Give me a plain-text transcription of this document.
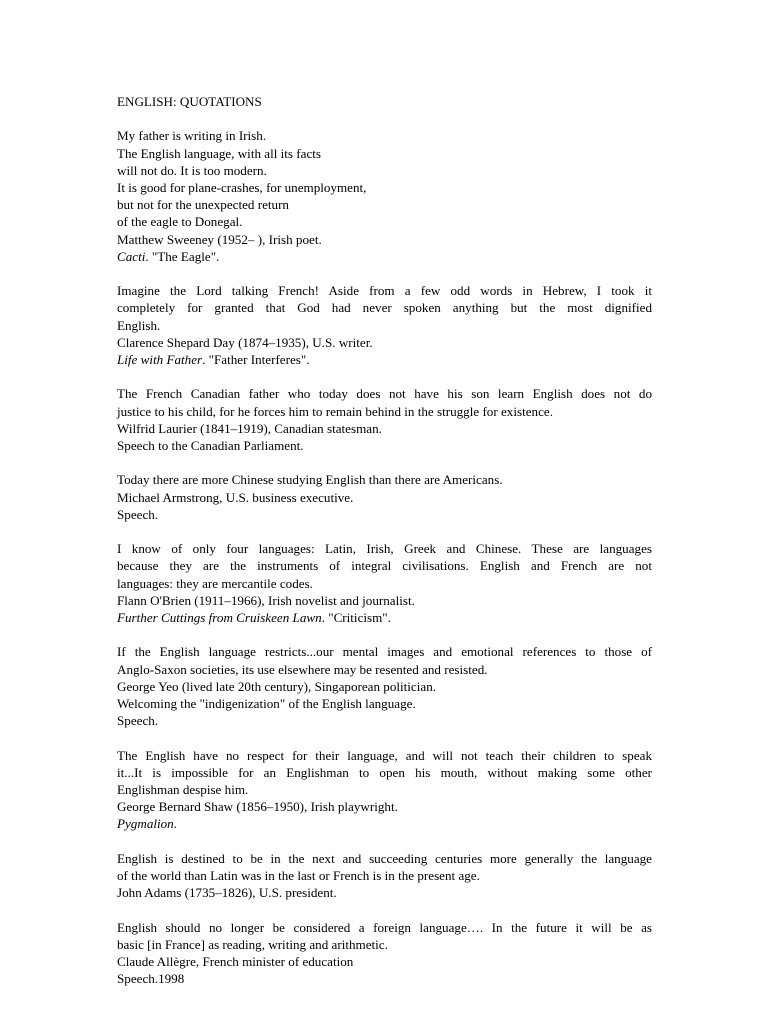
ENGLISH: QUOTATIONS

My father is writing in Irish.

The English language, with all its facts

will not do. It is too modern.

It is good for plane-crashes, for unemployment,

but not for the unexpected return

of the eagle to Donegal.

Matthew Sweeney (1952– ), Irish poet.

Cacti. "The Eagle".

Imagine the Lord talking French! Aside from a few odd words in Hebrew, I took it

completely for granted that God had never spoken anything but the most dignified

English.

Clarence Shepard Day (1874–1935), U.S. writer.

Life with Father. "Father Interferes".

The French Canadian father who today does not have his son learn English does not do

justice to his child, for he forces him to remain behind in the struggle for existence.

Wilfrid Laurier (1841–1919), Canadian statesman.

Speech to the Canadian Parliament.

Today there are more Chinese studying English than there are Americans.

Michael Armstrong, U.S. business executive.

Speech.

I know of only four languages: Latin, Irish, Greek and Chinese. These are languages

because they are the instruments of integral civilisations. English and French are not

languages: they are mercantile codes.

Flann O'Brien (1911–1966), Irish novelist and journalist.

Further Cuttings from Cruiskeen Lawn. "Criticism".

If the English language restricts...our mental images and emotional references to those of

Anglo-Saxon societies, its use elsewhere may be resented and resisted.

George Yeo (lived late 20th century), Singaporean politician.

Welcoming the "indigenization" of the English language.

Speech.

The English have no respect for their language, and will not teach their children to speak

it...It is impossible for an Englishman to open his mouth, without making some other

Englishman despise him.

George Bernard Shaw (1856–1950), Irish playwright.

Pygmalion.

English is destined to be in the next and succeeding centuries more generally the language

of the world than Latin was in the last or French is in the present age.

John Adams (1735–1826), U.S. president.

English should no longer be considered a foreign language…. In the future it will be as

basic [in France] as reading, writing and arithmetic.

Claude Allègre, French minister of education

Speech.1998
